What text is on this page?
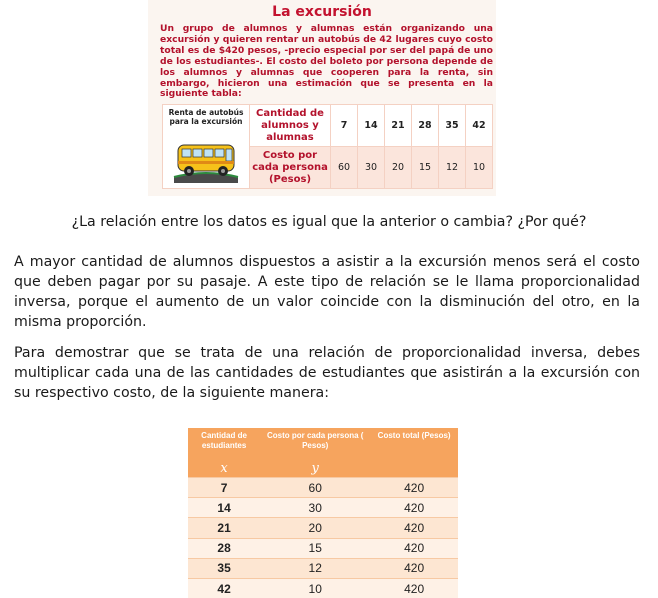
La excursión
Un grupo de alumnos y alumnas están organizando una excursión y quieren rentar un autobús de 42 lugares cuyo costo total es de $420 pesos, -precio especial por ser del papá de uno de los estudiantes-. El costo del boleto por persona depende de los alumnos y alumnas que cooperen para la renta, sin embargo, hicieron una estimación que se presenta en la siguiente tabla:
Renta de autobús para la excursión	Cantidad de alumnos y alumnas	7	14	21	28	35	42
	Costo por cada persona (Pesos)	60	30	20	15	12	10
¿La relación entre los datos es igual que la anterior o cambia? ¿Por qué?
A mayor cantidad de alumnos dispuestos a asistir a la excursión menos será el costo que deben pagar por su pasaje. A este tipo de relación se le llama proporcionalidad inversa, porque el aumento de un valor coincide con la disminución del otro, en la misma proporción.
Para demostrar que se trata de una relación de proporcionalidad inversa, debes multiplicar cada una de las cantidades de estudiantes que asistirán a la excursión con su respectivo costo, de la siguiente manera:
Cantidad de estudiantes	Costo por cada persona ( Pesos)	Costo total (Pesos)
x	y	
7	60	420
14	30	420
21	20	420
28	15	420
35	12	420
42	10	420
